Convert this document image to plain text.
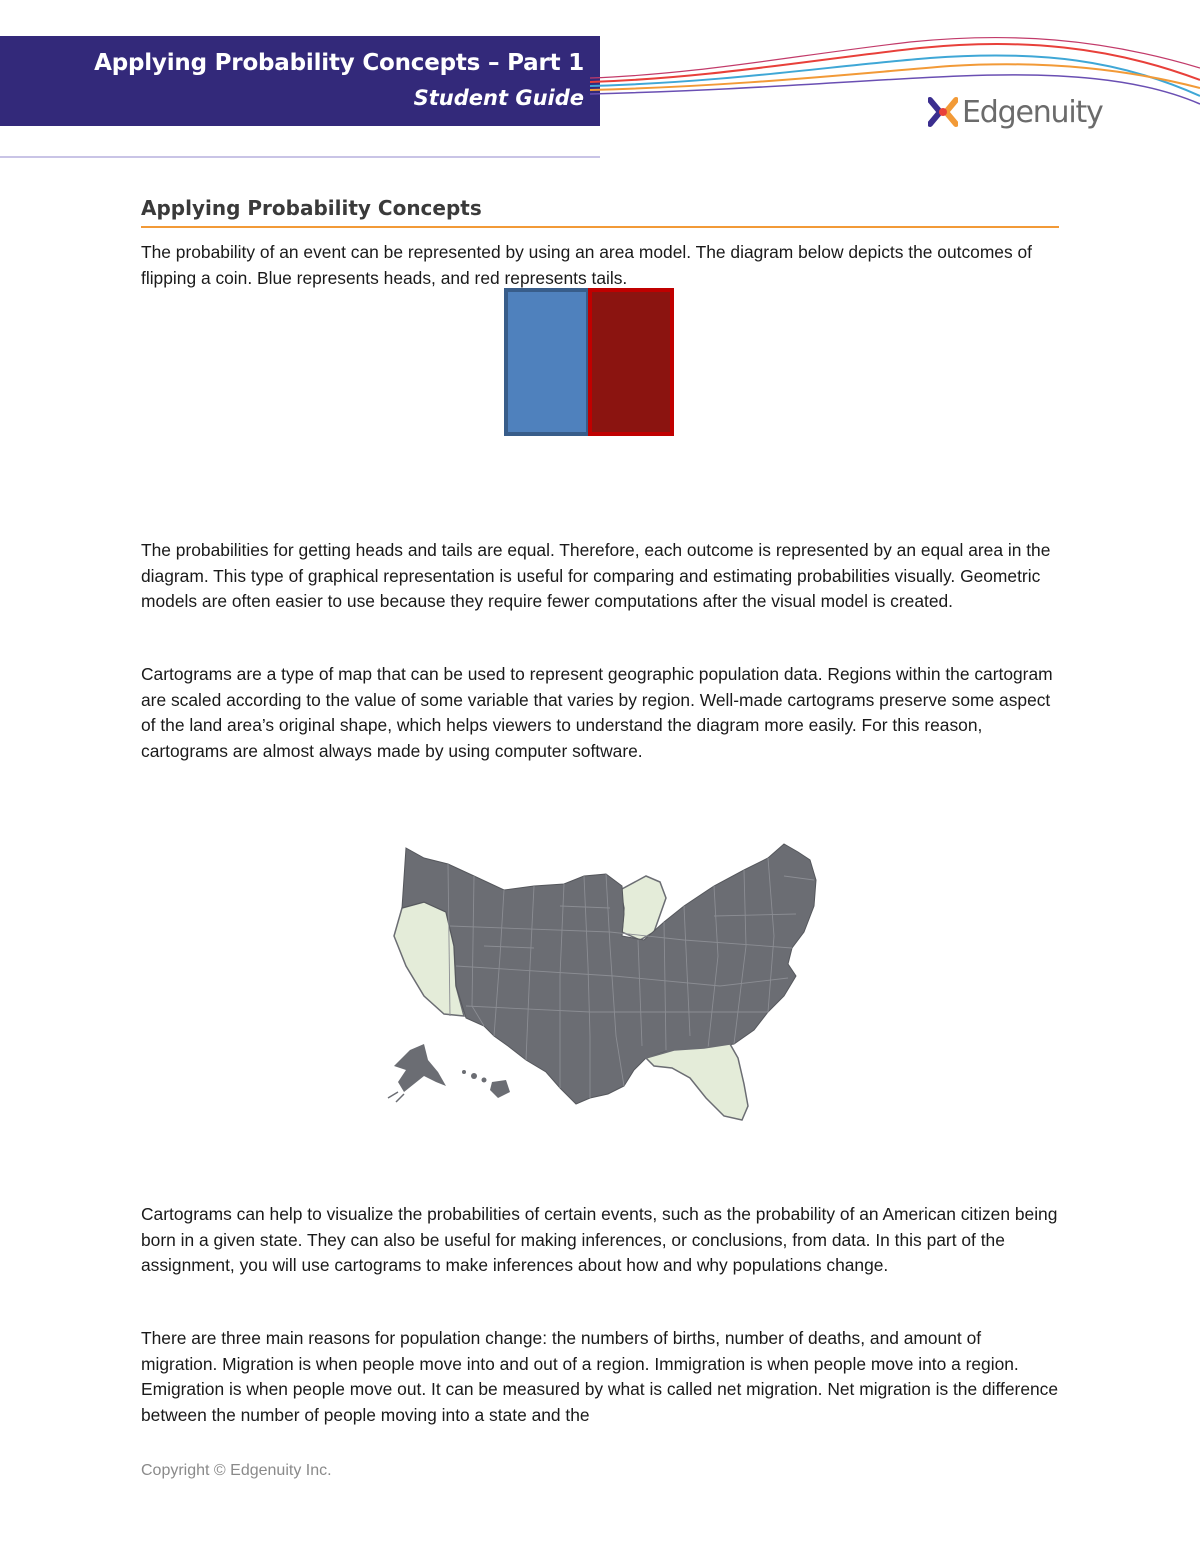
Applying Probability Concepts – Part 1
Student Guide	Edgenuity
Applying Probability Concepts

The probability of an event can be represented by using an area model. The diagram below depicts the outcomes of flipping a coin. Blue represents heads, and red represents tails.

The probabilities for getting heads and tails are equal. Therefore, each outcome is represented by an equal area in the diagram. This type of graphical representation is useful for comparing and estimating probabilities visually. Geometric models are often easier to use because they require fewer computations after the visual model is created.

Cartograms are a type of map that can be used to represent geographic population data. Regions within the cartogram are scaled according to the value of some variable that varies by region. Well-made cartograms preserve some aspect of the land area’s original shape, which helps viewers to understand the diagram more easily. For this reason, cartograms are almost always made by using computer software.

Cartograms can help to visualize the probabilities of certain events, such as the probability of an American citizen being born in a given state. They can also be useful for making inferences, or conclusions, from data. In this part of the assignment, you will use cartograms to make inferences about how and why populations change.

There are three main reasons for population change: the numbers of births, number of deaths, and amount of migration. Migration is when people move into and out of a region. Immigration is when people move into a region. Emigration is when people move out. It can be measured by what is called net migration. Net migration is the difference between the number of people moving into a state and the

Copyright © Edgenuity Inc.
